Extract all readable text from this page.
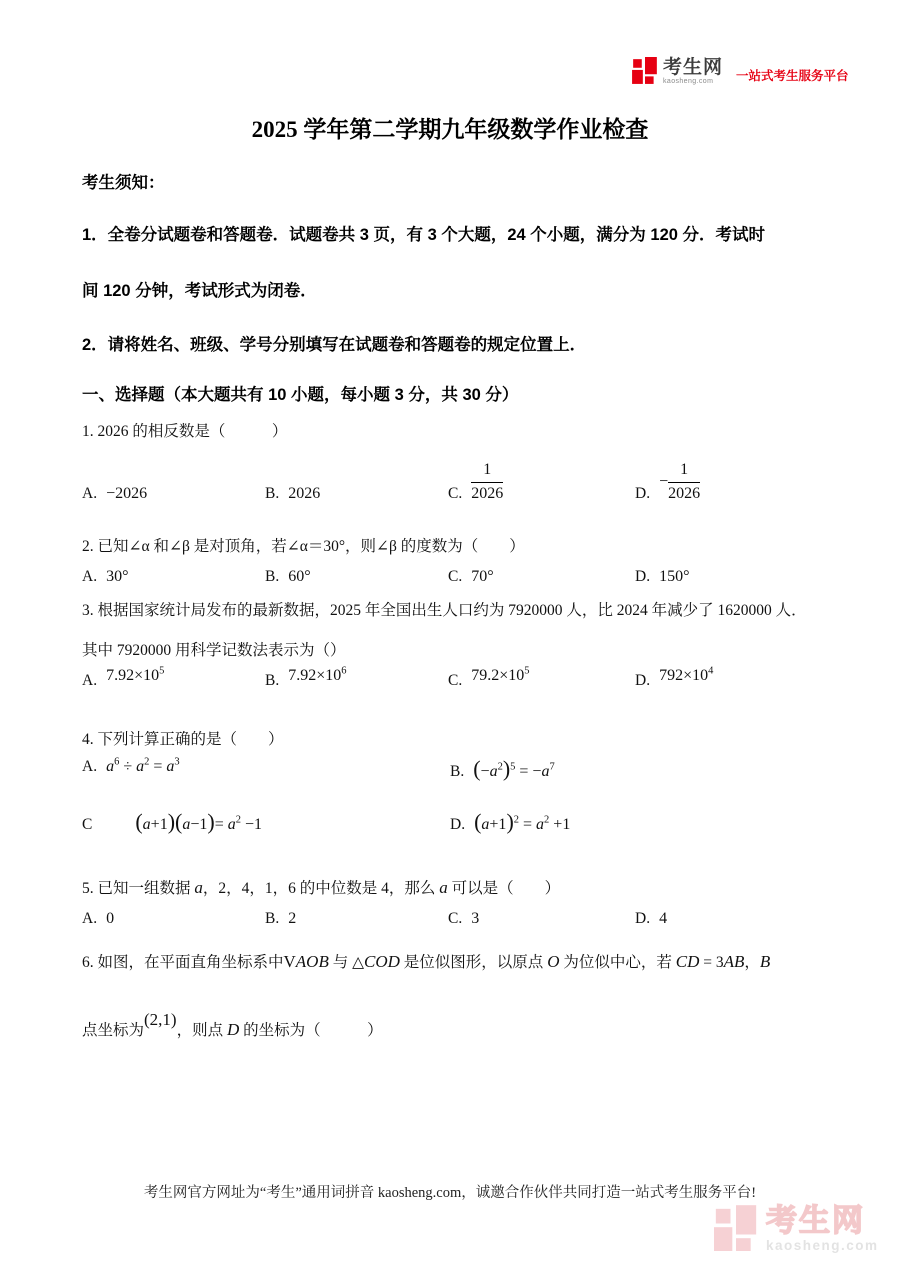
考生网
kaosheng.com	一站式考生服务平台
2025 学年第二学期九年级数学作业检查
考生须知：
1．全卷分试题卷和答题卷．试题卷共 3 页，有 3 个大题，24 个小题，满分为 120 分．考试时
间 120 分钟，考试形式为闭卷．
2．请将姓名、班级、学号分别填写在试题卷和答题卷的规定位置上．
一、选择题（本大题共有 10 小题，每小题 3 分，共 30 分）
1. 2026 的相反数是（　　　）
A. −2026	B. 2026	C. $\frac{1}{2026}$	D.
− $\frac{1}{2026}$
2. 已知∠α 和∠β 是对顶角，若∠α＝30°，则∠β 的度数为（　　）
A. 30°	B. 60°	C. 70°	D. 150°
3. 根据国家统计局发布的最新数据，2025 年全国出生人口约为 7920000 人，比 2024 年减少了 1620000 人．
其中 7920000 用科学记数法表示为（）
A. $7.92\times 10^5$
B. $7.92\times 10^6$
C. $79.2\times 10^5$
D. $792\times 10^4$
4. 下列计算正确的是（　　）
A. $a^6 \div a^2 = a^3$
B. $(-a^2)^5 = -a^7$
C $(a+1)(a-1)= a^2 -1$	D. $(a+1)^2 = a^2 +1$
5. 已知一组数据 a，2，4，1，6 的中位数是 4，那么 a 可以是（　　）
A. 0	B. 2	C. 3	D. 4
6. 如图，在平面直角坐标系中VAOB 与 △COD 是位似图形，以原点 O 为位似中心，若 CD = 3AB，B
点坐标为(2,1)，则点 D 的坐标为（　　　）
考生网官方网址为“考生”通用词拼音 kaosheng.com，诚邀合作伙伴共同打造一站式考生服务平台!
考生网
kaosheng.com
